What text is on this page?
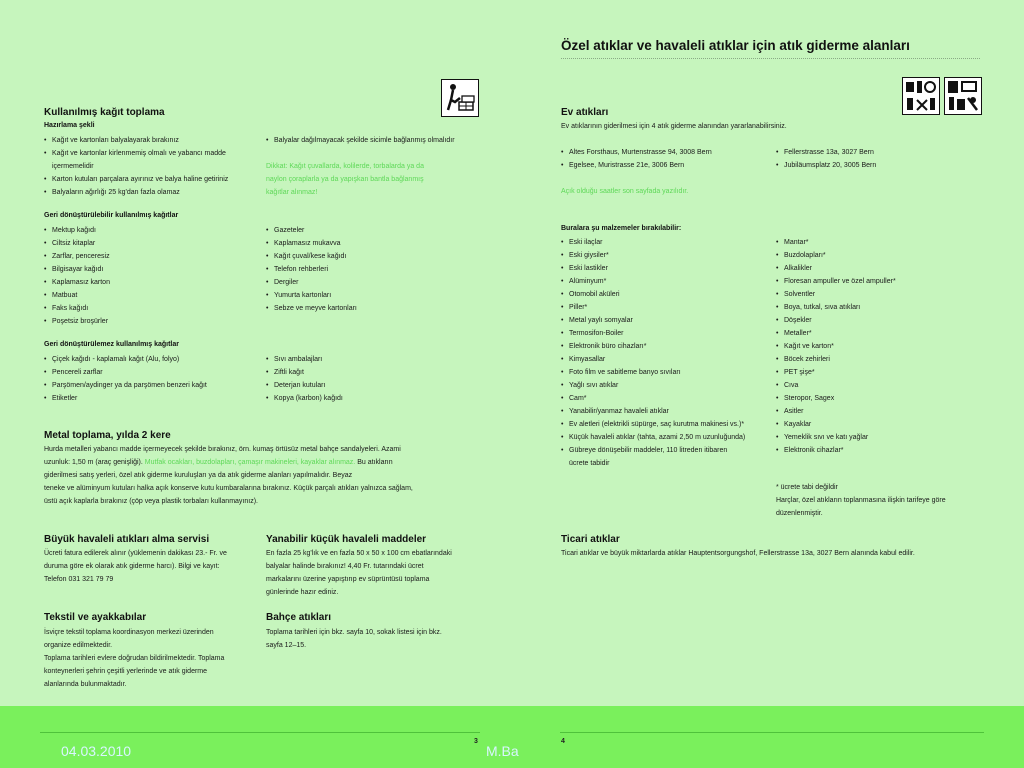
Özel atıklar ve havaleli atıklar için atık giderme alanları
Kullanılmış kağıt toplama
Hazırlama şekli
• Kağıt ve kartonları balyalayarak bırakınız
• Kağıt ve kartonlar kirlenmemiş olmalı ve yabancı madde
içermemelidir
• Karton kutuları parçalara ayırınız ve balya haline getiriniz
• Balyaların ağırlığı 25 kg'dan fazla olamaz
• Balyalar dağılmayacak şekilde sicimle bağlanmış olmalıdır
Dikkat: Kağıt çuvallarda, kolilerde, torbalarda ya da
naylon çoraplarla ya da yapışkan bantla bağlanmış
kağıtlar alınmaz!
Geri dönüştürülebilir kullanılmış kağıtlar
• Mektup kağıdı
• Ciltsiz kitaplar
• Zarflar, penceresiz
• Bilgisayar kağıdı
• Kaplamasız karton
• Matbuat
• Faks kağıdı
• Poşetsiz broşürler
• Gazeteler
• Kaplamasız mukavva
• Kağıt çuval/kese kağıdı
• Telefon rehberleri
• Dergiler
• Yumurta kartonları
• Sebze ve meyve kartonları
Geri dönüştürülemez kullanılmış kağıtlar
• Çiçek kağıdı - kaplamalı kağıt (Alu, folyo)
• Pencereli zarflar
• Parşömen/aydinger ya da parşömen benzeri kağıt
• Etiketler
• Sıvı ambalajları
• Ziftli kağıt
• Deterjan kutuları
• Kopya (karbon) kağıdı
Metal toplama, yılda 2 kere
Hurda metalleri yabancı madde içermeyecek şekilde bırakınız, örn. kumaş örtüsüz metal bahçe sandalyeleri. Azami
uzunluk: 1,50 m (araç genişliği). Mutfak ocakları, buzdolapları, çamaşır makineleri, kayaklar alınmaz. Bu atıkların
giderilmesi satış yerleri, özel atık giderme kuruluşları ya da atık giderme alanları yapılmalıdır. Beyaz
teneke ve alüminyum kutuları halka açık konserve kutu kumbaralarına bırakınız. Küçük parçalı atıkları yalnızca sağlam,
üstü açık kaplarla bırakınız (çöp veya plastik torbaları kullanmayınız).
Büyük havaleli atıkları alma servisi
Ücreti fatura edilerek alınır (yüklemenin dakikası 23.- Fr. ve
duruma göre ek olarak atık giderme harcı). Bilgi ve kayıt:
Telefon 031 321 79 79
Yanabilir küçük havaleli maddeler
En fazla 25 kg'lık ve en fazla 50 x 50 x 100 cm ebatlarındaki
balyalar halinde bırakınız! 4,40 Fr. tutarındaki ücret
markalarını üzerine yapıştırıp ev süprüntüsü toplama
günlerinde hazır ediniz.
Tekstil ve ayakkabılar
İsviçre tekstil toplama koordinasyon merkezi üzerinden
organize edilmektedir.
Toplama tarihleri evlere doğrudan bildirilmektedir. Toplama
konteynerleri şehrin çeşitli yerlerinde ve atık giderme
alanlarında bulunmaktadır.
Bahçe atıkları
Toplama tarihleri için bkz. sayfa 10, sokak listesi için bkz.
sayfa 12–15.
Ev atıkları
Ev atıklarının giderilmesi için 4 atık giderme alanından yararlanabilirsiniz.
• Altes Forsthaus, Murtenstrasse 94, 3008 Bern
• Egelsee, Muristrasse 21e, 3006 Bern
• Fellerstrasse 13a, 3027 Bern
• Jubiläumsplatz 20, 3005 Bern
Açık olduğu saatler son sayfada yazılıdır.
Buralara şu malzemeler bırakılabilir:
• Eski ilaçlar
• Eski giysiler*
• Eski lastikler
• Alüminyum*
• Otomobil aküleri
• Piller*
• Metal yaylı somyalar
• Termosifon-Boiler
• Elektronik büro cihazları*
• Kimyasallar
• Foto film ve sabitleme banyo sıvıları
• Yağlı sıvı atıklar
• Cam*
• Yanabilir/yanmaz havaleli atıklar
• Ev aletleri (elektrikli süpürge, saç kurutma makinesi vs.)*
• Küçük havaleli atıklar (tahta, azami 2,50 m uzunluğunda)
• Gübreye dönüşebilir maddeler, 110 litreden itibaren
ücrete tabidir
• Mantar*
• Buzdolapları*
• Alkalikler
• Floresan ampuller ve özel ampuller*
• Solventler
• Boya, tutkal, sıva atıkları
• Döşekler
• Metaller*
• Kağıt ve karton*
• Böcek zehirleri
• PET şişe*
• Cıva
• Steropor, Sagex
• Asitler
• Kayaklar
• Yemeklik sıvı ve katı yağlar
• Elektronik cihazlar*
* ücrete tabi değildir
Harçlar, özel atıkların toplanmasına ilişkin tarifeye göre
düzenlenmiştir.
Ticari atıklar
Ticari atıklar ve büyük miktarlarda atıklar Hauptentsorgungshof, Fellerstrasse 13a, 3027 Bern alanında kabul edilir.
3	4
04.03.2010	M.Ba
